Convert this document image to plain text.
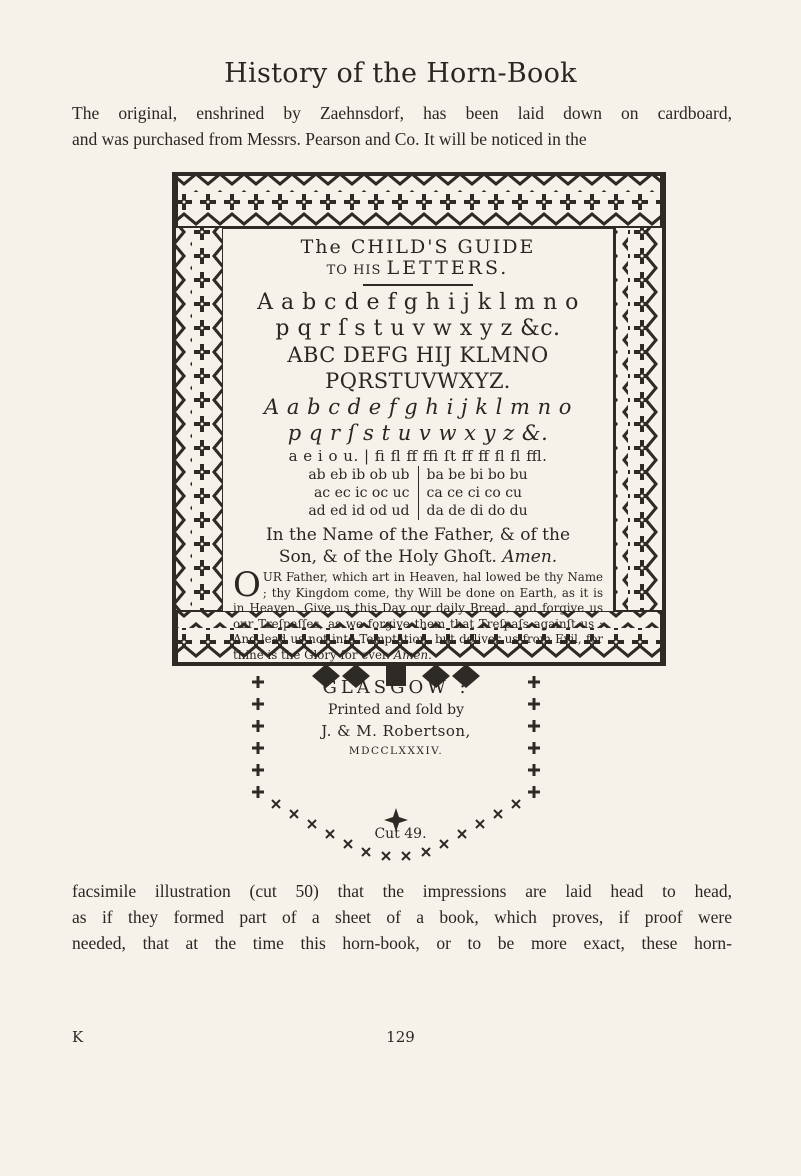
History of the Horn-Book
The original, enshrined by Zaehnsdorf, has been laid down on cardboard,
and was purchased from Messrs. Pearson and Co. It will be noticed in the
The CHILD'S GUIDE
TO HIS LETTERS.
A a b c d e f g h i j k l m n o
p q r ſ s t u v w x y z &c.
ABC DEFG HIJ KLMNO
PQRSTUVWXYZ.
A a b c d e f g h i j k l m n o
p q r ſ s t u v w x y z &.
a e i o u. | ﬁ ﬂ ﬀ ﬃ ſt ﬀ ﬀ ﬂ ﬂ ﬄ.
ab eb ib ob ub	ba be bi bo bu
ac ec ic oc uc	ca ce ci co cu
ad ed id od ud	da de di do du
In the Name of the Father, & of the
Son, & of the Holy Ghoſt. Amen.
OUR Father, which art in Heaven, hal lowed be thy Name ; thy Kingdom come, thy Will be done on Earth, as it is in Heaven. Give us this Day our daily Bread, and forgive us our Treſpaſſes, as we forgive them that Treſpaſs againſt us : And lead us not into Temptation, but deliver us from Evil, for thine is the Glory for ever. Amen.
GLASGOW :
Printed and ſold by
J. & M. Robertson,
MDCCLXXXIV.
Cut 49.
facsimile illustration (cut 50) that the impressions are laid head to head,
as if they formed part of a sheet of a book, which proves, if proof were
needed, that at the time this horn-book, or to be more exact, these horn-
K	129
